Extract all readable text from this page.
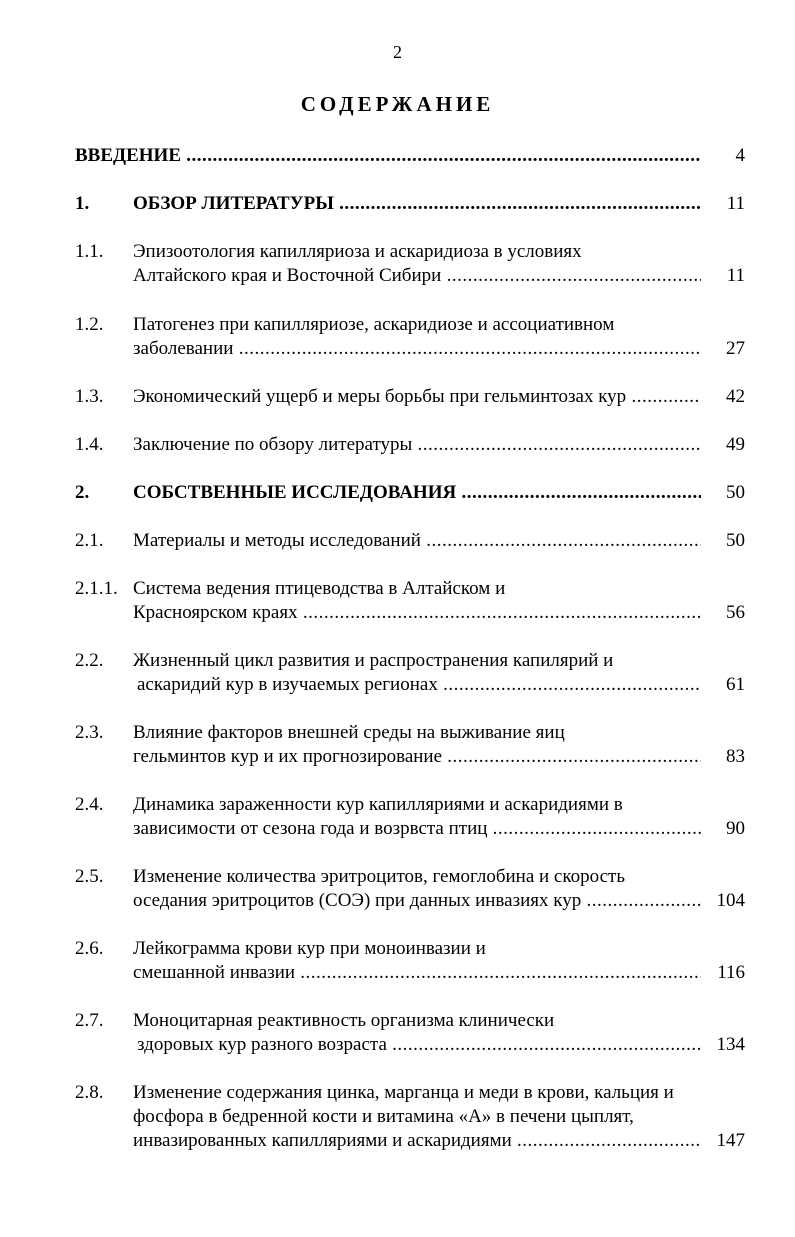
2
СОДЕРЖАНИЕ
ВВЕДЕНИЕ .....	4
1. ОБЗОР ЛИТЕРАТУРЫ .....	11
1.1. Эпизоотология капилляриоза и аскаридиоза в условиях
Алтайского края и Восточной Сибири .....	11
1.2. Патогенез при капилляриозе, аскаридиозе и ассоциативном
заболевании .....	27
1.3. Экономический ущерб и меры борьбы при гельминтозах кур .....	42
1.4. Заключение по обзору литературы .....	49
2. СОБСТВЕННЫЕ ИССЛЕДОВАНИЯ .....	50
2.1. Материалы и методы исследований .....	50
2.1.1. Система ведения птицеводства в Алтайском и
Красноярском краях .....	56
2.2. Жизненный цикл развития и распространения капилярий и
аскаридий кур в изучаемых регионах .....	61
2.3. Влияние факторов внешней среды на выживание яиц
гельминтов кур и их прогнозирование .....	83
2.4. Динамика зараженности кур капилляриями и аскаридиями в
зависимости от сезона года и возрвста птиц .....	90
2.5. Изменение количества эритроцитов, гемоглобина и скорость
оседания эритроцитов (СОЭ) при данных инвазиях кур .....	104
2.6. Лейкограмма крови кур при моноинвазии и
смешанной инвазии .....	116
2.7. Моноцитарная реактивность организма клинически
здоровых кур разного возраста .....	134
2.8. Изменение содержания цинка, марганца и меди в крови, кальция и
фосфора в бедренной кости и витамина «А» в печени цыплят,
инвазированных капилляриями и аскаридиями .....	147
